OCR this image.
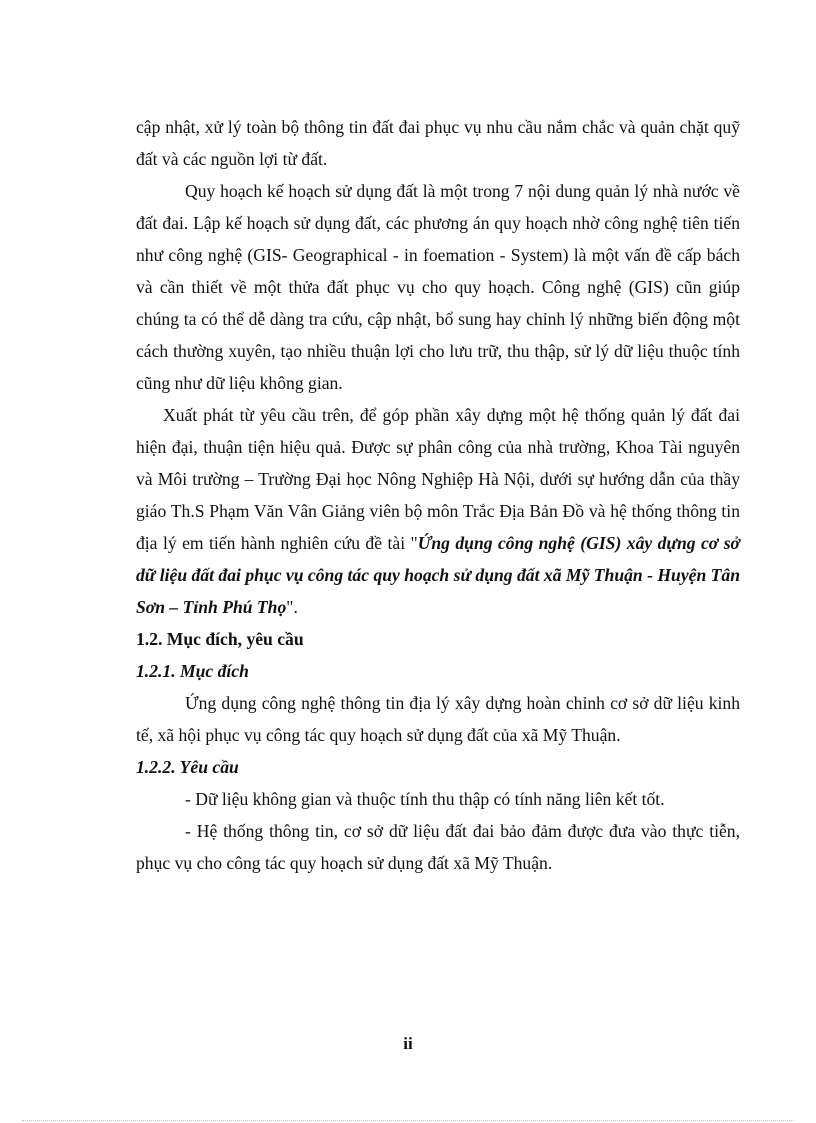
cập nhật, xử lý toàn bộ thông tin đất đai phục vụ nhu cầu nắm chắc và quản chặt quỹ đất và các nguồn lợi từ đất.

Quy hoạch kế hoạch sử dụng đất là một trong 7 nội dung quản lý nhà nước về đất đai. Lập kế hoạch sử dụng đất, các phương án quy hoạch nhờ công nghệ tiên tiến như công nghệ (GIS- Geographical - in foemation - System) là một vấn đề cấp bách và cần thiết về một thửa đất phục vụ cho quy hoạch. Công nghệ (GIS) cũn giúp chúng ta có thể dễ dàng tra cứu, cập nhật, bổ sung hay chỉnh lý những biến động một cách thường xuyên, tạo nhiều thuận lợi cho lưu trữ, thu thập, sử lý dữ liệu thuộc tính cũng như dữ liệu không gian.

Xuất phát từ yêu cầu trên, để góp phần xây dựng một hệ thống quản lý đất đai hiện đại, thuận tiện hiệu quả. Được sự phân công của nhà trường, Khoa Tài nguyên và Môi trường – Trường Đại học Nông Nghiệp Hà Nội, dưới sự hướng dẫn của thầy giáo Th.S Phạm Văn Vân Giảng viên bộ môn Trắc Địa Bản Đồ và hệ thống thông tin địa lý em tiến hành nghiên cứu đề tài "Ứng dụng công nghệ (GIS) xây dựng cơ sở dữ liệu đất đai phục vụ công tác quy hoạch sử dụng đất xã Mỹ Thuận - Huyện Tân Sơn – Tỉnh Phú Thọ".

1.2. Mục đích, yêu cầu

1.2.1. Mục đích

Ứng dụng công nghệ thông tin địa lý xây dựng hoàn chỉnh cơ sở dữ liệu kinh tế, xã hội phục vụ công tác quy hoạch sử dụng đất của xã Mỹ Thuận.

1.2.2. Yêu cầu

- Dữ liệu không gian và thuộc tính thu thập có tính năng liên kết tốt.

- Hệ thống thông tin, cơ sở dữ liệu đất đai bảo đảm được đưa vào thực tiễn, phục vụ cho công tác quy hoạch sử dụng đất xã Mỹ Thuận.

ii
